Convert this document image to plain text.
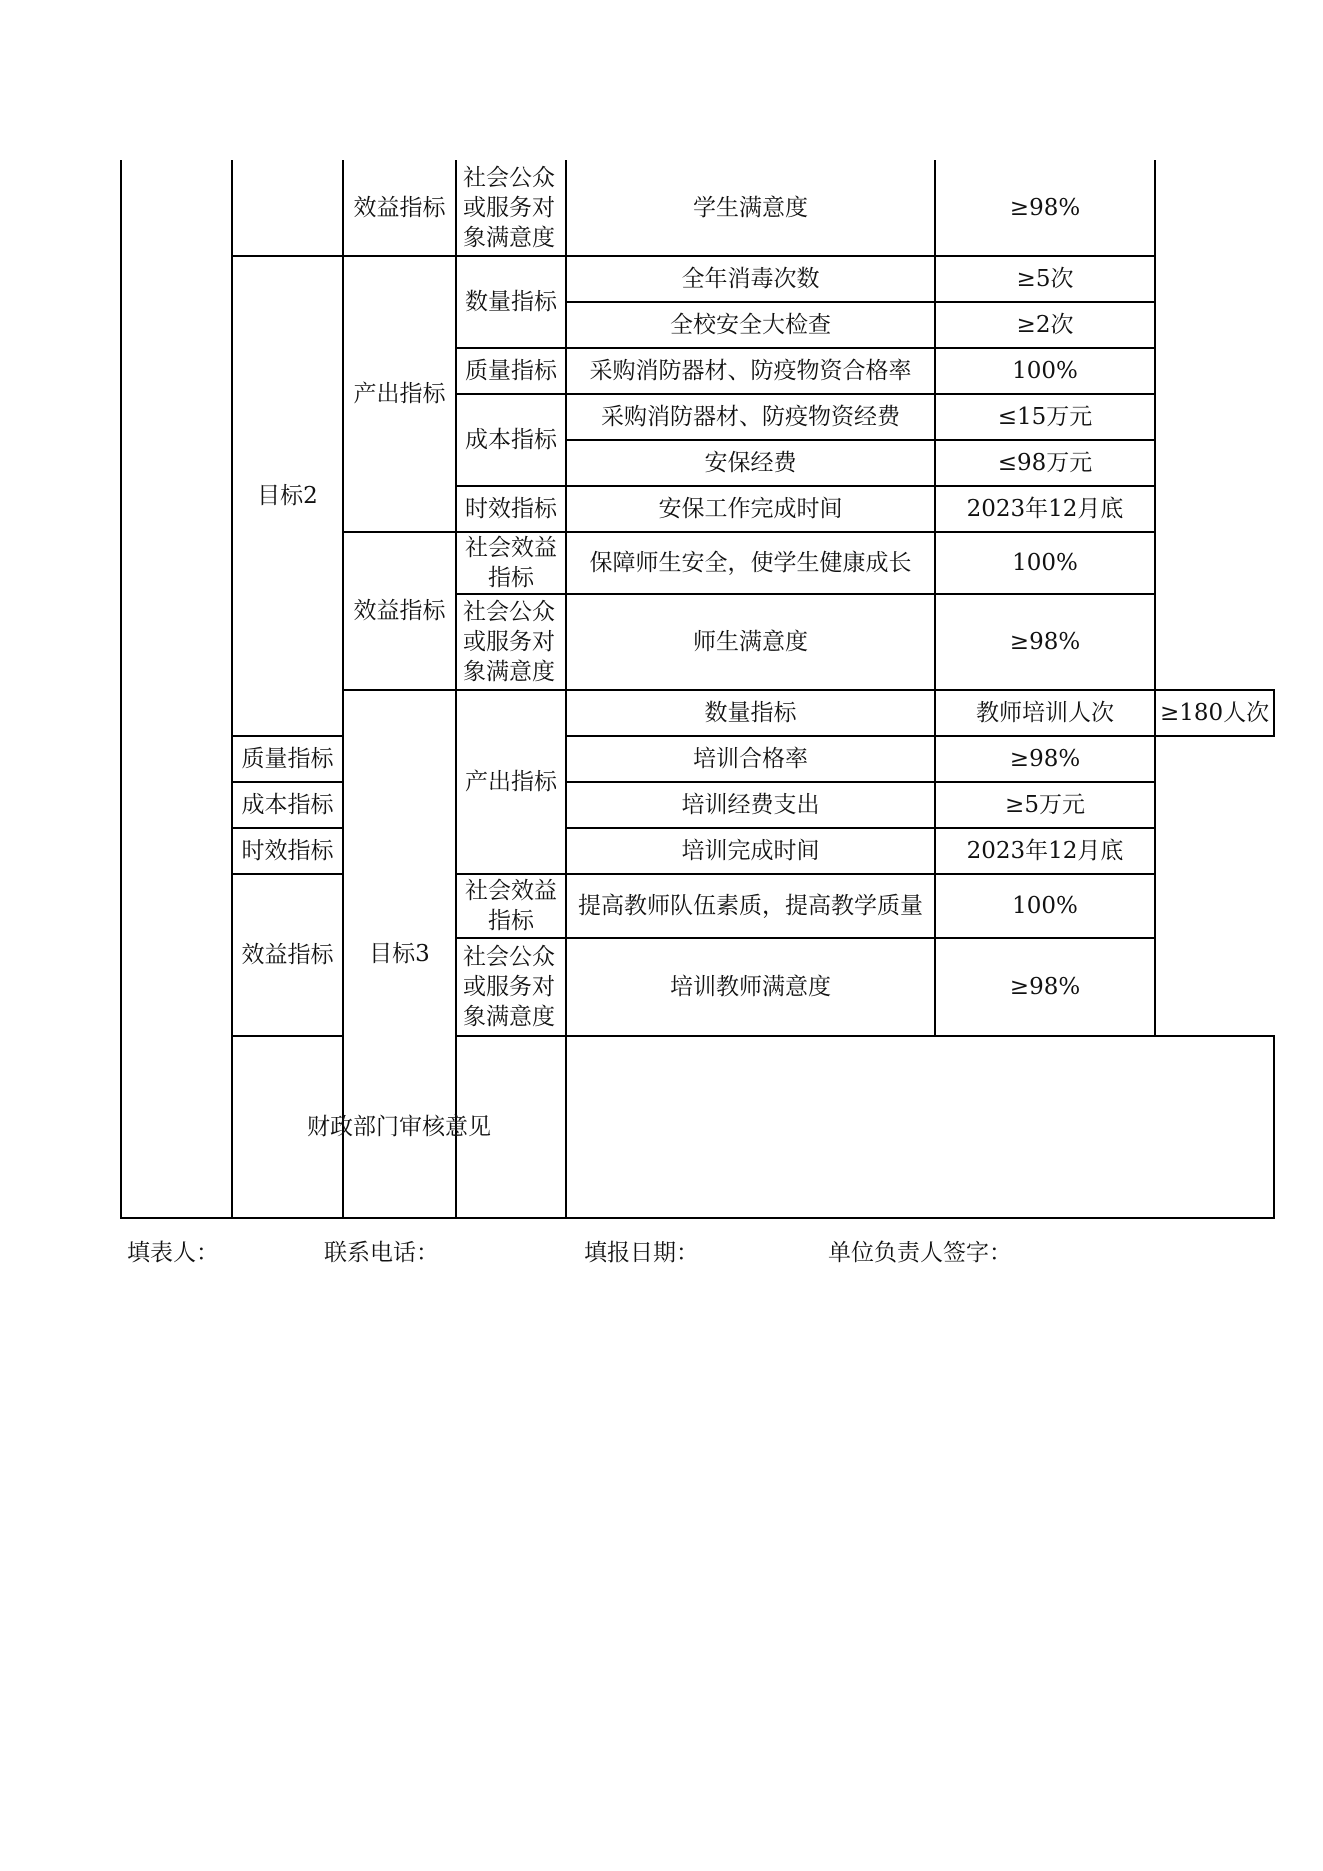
		效益指标	社会公众或服务对象满意度	学生满意度	≥98%	
	目标2	产出指标	数量指标	全年消毒次数	≥5次	
				全校安全大检查	≥2次	
			质量指标	采购消防器材、防疫物资合格率	100%	
			成本指标	采购消防器材、防疫物资经费	≤15万元	
				安保经费	≤98万元	
			时效指标	安保工作完成时间	2023年12月底	
		效益指标	社会效益指标	保障师生安全，使学生健康成长	100%	
			社会公众或服务对象满意度	师生满意度	≥98%	
		目标3	产出指标	数量指标	教师培训人次	≥180人次
	质量指标			培训合格率	≥98%	
	成本指标			培训经费支出	≥5万元	
	时效指标			培训完成时间	2023年12月底	
	效益指标		社会效益指标	提高教师队伍素质，提高教学质量	100%	
			社会公众或服务对象满意度	培训教师满意度	≥98%	
	财政部门审核意见					
填表人：	联系电话：	填报日期：	单位负责人签字：
